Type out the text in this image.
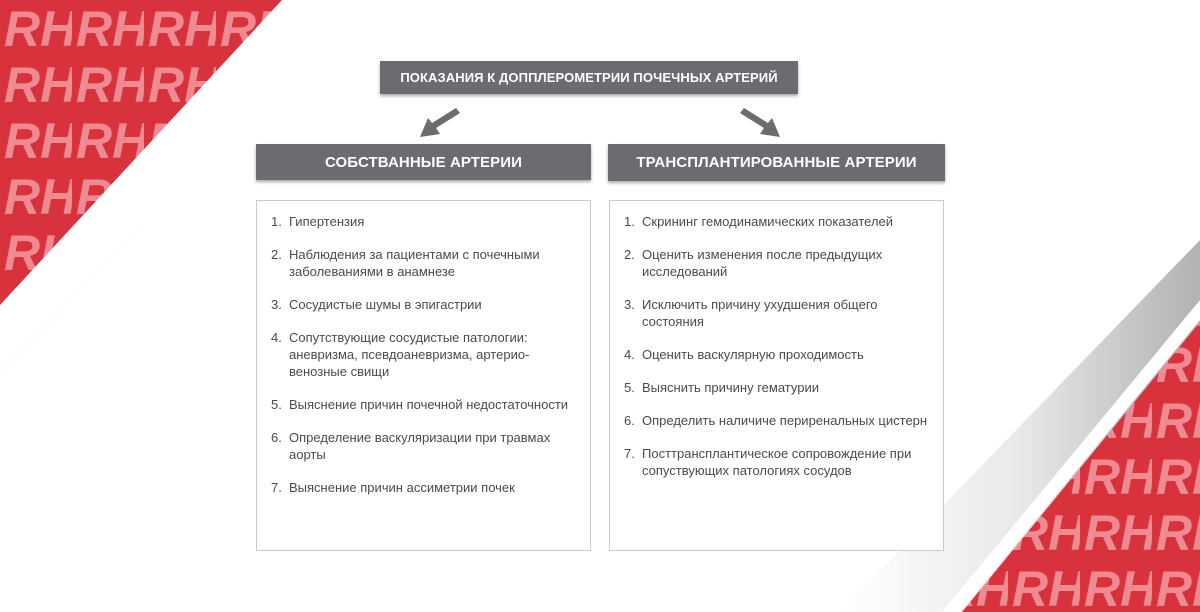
ПОКАЗАНИЯ К ДОППЛЕРОМЕТРИИ ПОЧЕЧНЫХ АРТЕРИЙ
СОБСТВАННЫЕ АРТЕРИИ	ТРАНСПЛАНТИРОВАННЫЕ АРТЕРИИ
1. Гипертензия
2. Наблюдения за пациентами с почечными заболеваниями в анамнезе
3. Сосудистые шумы в эпигастрии
4. Сопутствующие сосудистые патологии: аневризма, псевдоаневризма, артерио-венозные свищи
5. Выяснение причин почечной недостаточности
6. Определение васкуляризации при травмах аорты
7. Выяснение причин ассиметрии почек
1. Скрининг гемодинамических показателей
2. Оценить изменения после предыдущих исследований
3. Исключить причину ухудшения общего состояния
4. Оценить васкулярную проходимость
5. Выяснить причину гематурии
6. Определить наличиче периренальных цистерн
7. Посттрансплантическое сопровождение при сопуствующих патологиях сосудов
